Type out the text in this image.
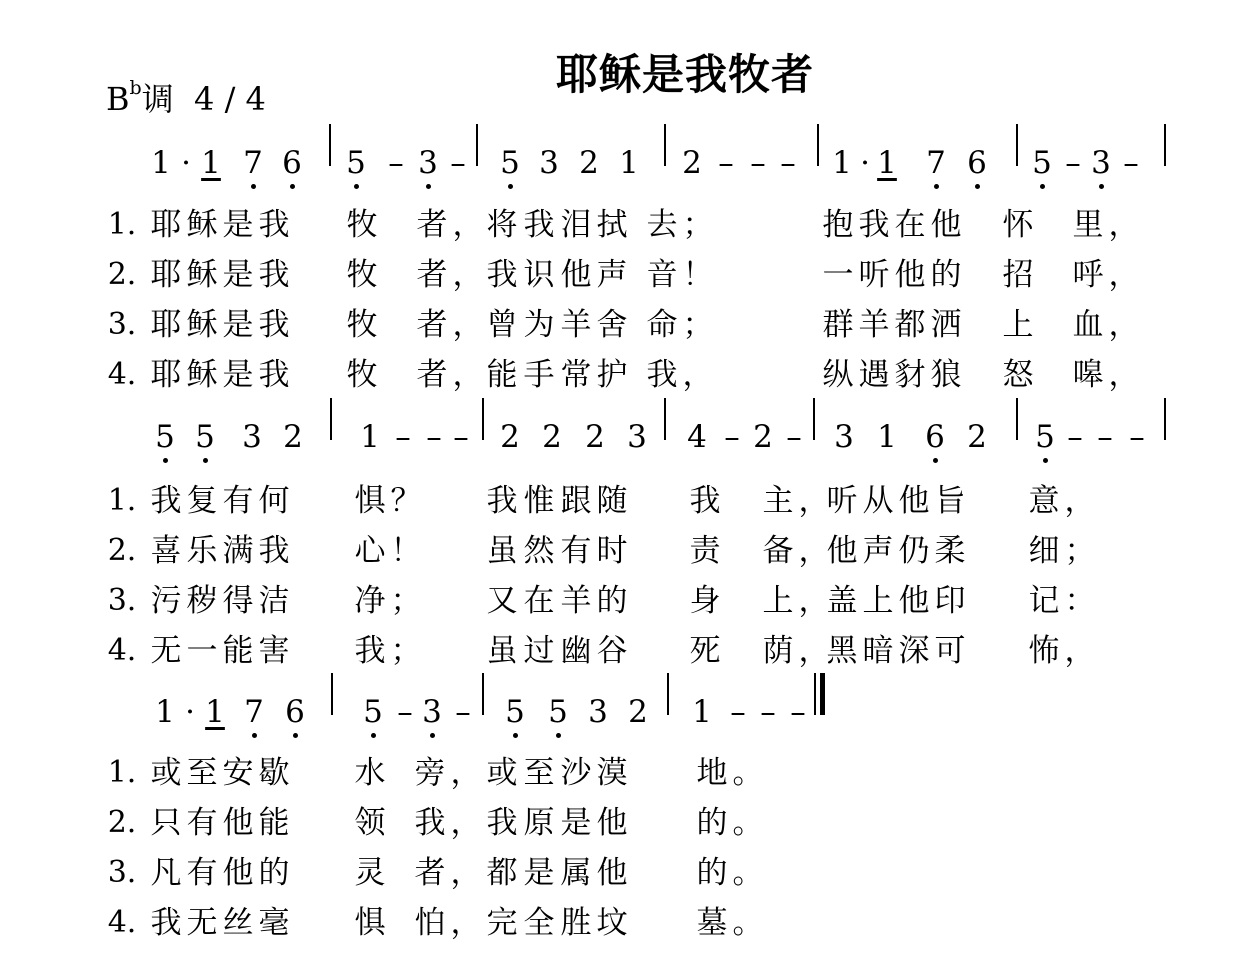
耶稣是我牧者
$B^b$调 4 / 4
1 · 1 7 6 5 – 3 – 5 3 2 1 2 – – – 1 · 1 7 6 5 – 3 –
5 5 3 2 1 – – – 2 2 2 3 4 – 2 – 3 1 6 2 5 – – –
1 · 1 7 6 5 – 3 – 5 5 3 2 1 – – –
1. 耶 稣 是 我 牧 者 ， 将 我 泪 拭 去 ；	抱 我 在 他 怀 里 ，
2. 耶 稣 是 我 牧 者 ， 我 识 他 声 音 ！	一 听 他 的 招 呼 ，
3. 耶 稣 是 我 牧 者 ， 曾 为 羊 舍 命 ；	群 羊 都 洒 上 血 ，
4. 耶 稣 是 我 牧 者 ， 能 手 常 护 我 ，	纵 遇 豺 狼 怒 嗥 ，
1. 我 复 有 何 惧 ？ 我 惟 跟 随 我 主 ，
听 从 他 旨 意 ，
2. 喜 乐 满 我 心 ！ 虽 然 有 时 责 备 ，
他 声 仍 柔 细 ；
3. 污 秽 得 洁 净 ； 又 在 羊 的 身 上 ，
盖 上 他 印 记 ：
4. 无 一 能 害 我 ； 虽 过 幽 谷 死 荫 ，
黑 暗 深 可 怖 ，
1. 或 至 安 歇 水 旁 ， 或 至 沙 漠 地 。
2. 只 有 他 能 领 我 ， 我 原 是 他 的 。
3. 凡 有 他 的 灵 者 ， 都 是 属 他 的 。
4. 我 无 丝 毫 惧 怕 ， 完 全 胜 坟 墓 。
